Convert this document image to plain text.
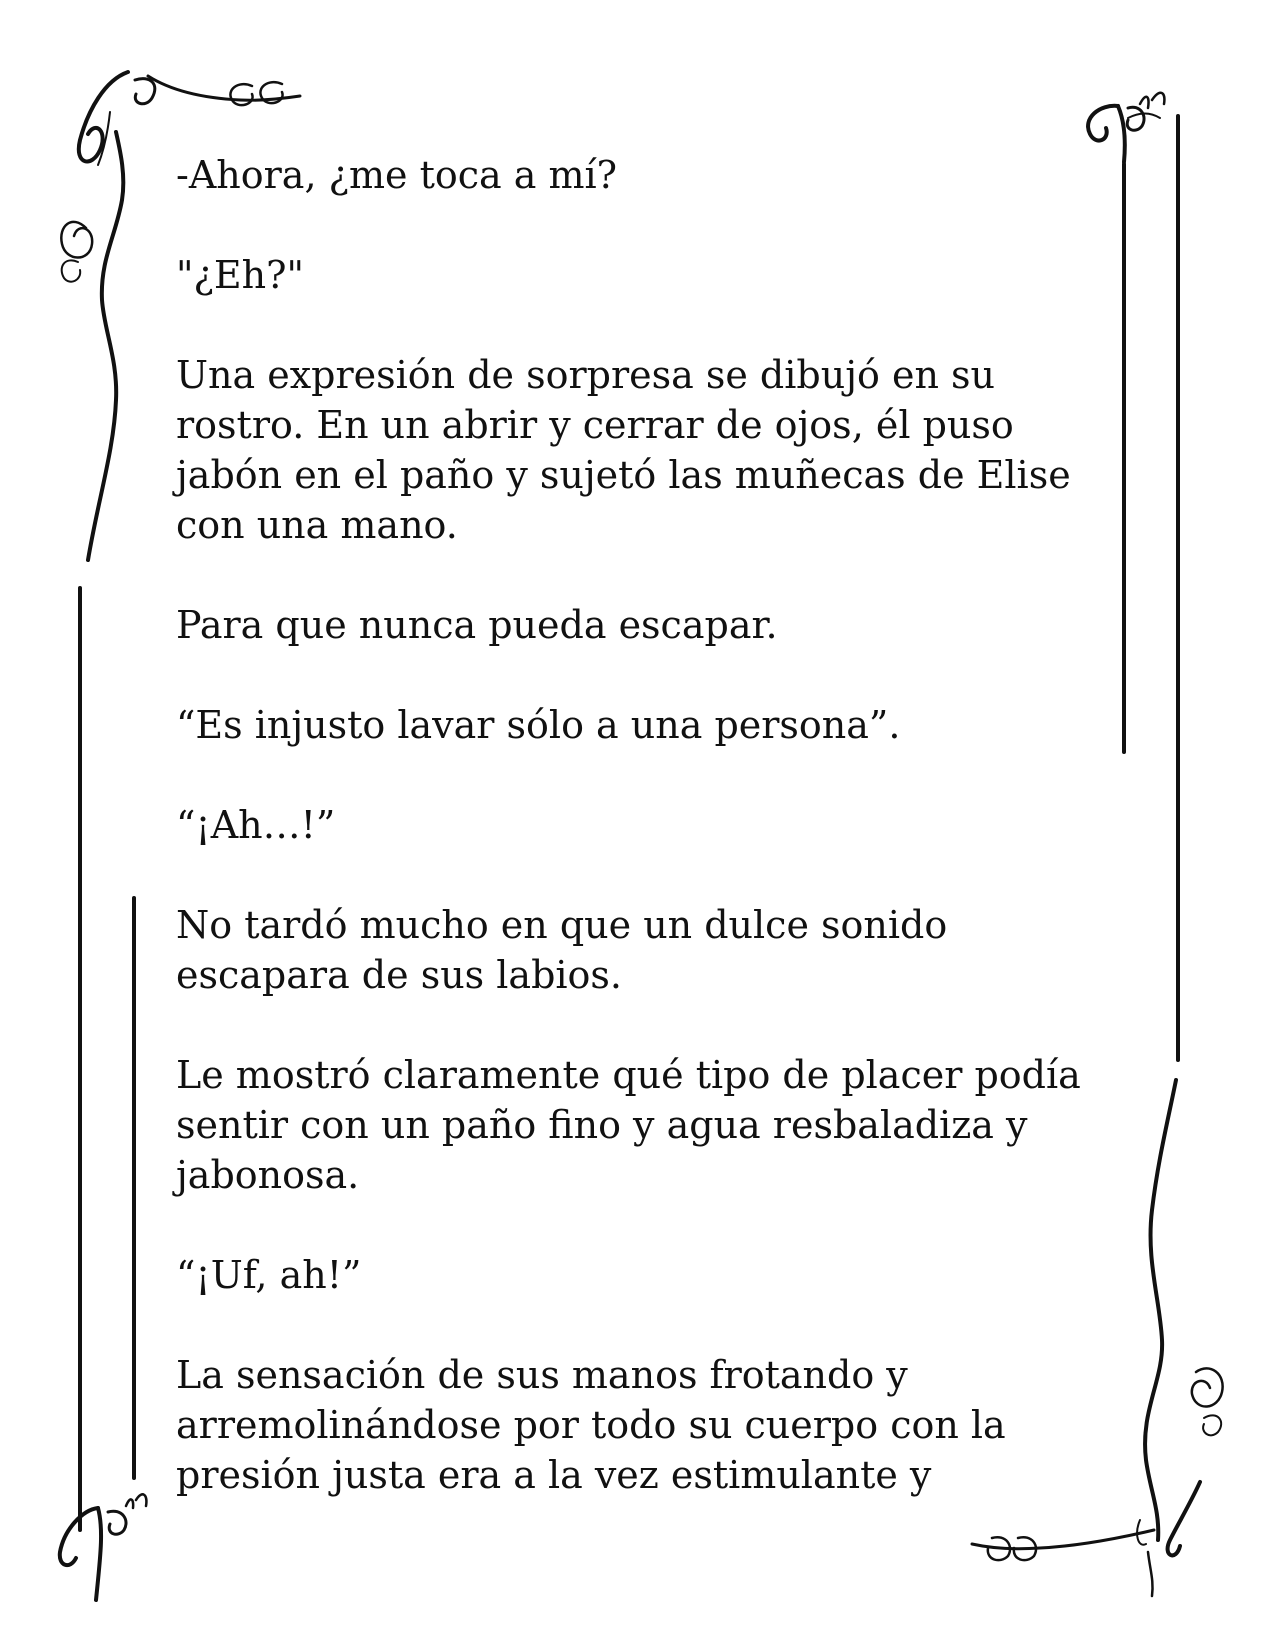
-Ahora, ¿me toca a mí?

"¿Eh?"

Una expresión de sorpresa se dibujó en su rostro. En un abrir y cerrar de ojos, él puso jabón en el paño y sujetó las muñecas de Elise con una mano.

Para que nunca pueda escapar.

“Es injusto lavar sólo a una persona”.

“¡Ah…!”

No tardó mucho en que un dulce sonido escapara de sus labios.

Le mostró claramente qué tipo de placer podía sentir con un paño fino y agua resbaladiza y jabonosa.

“¡Uf, ah!”

La sensación de sus manos frotando y arremolinándose por todo su cuerpo con la presión justa era a la vez estimulante y
